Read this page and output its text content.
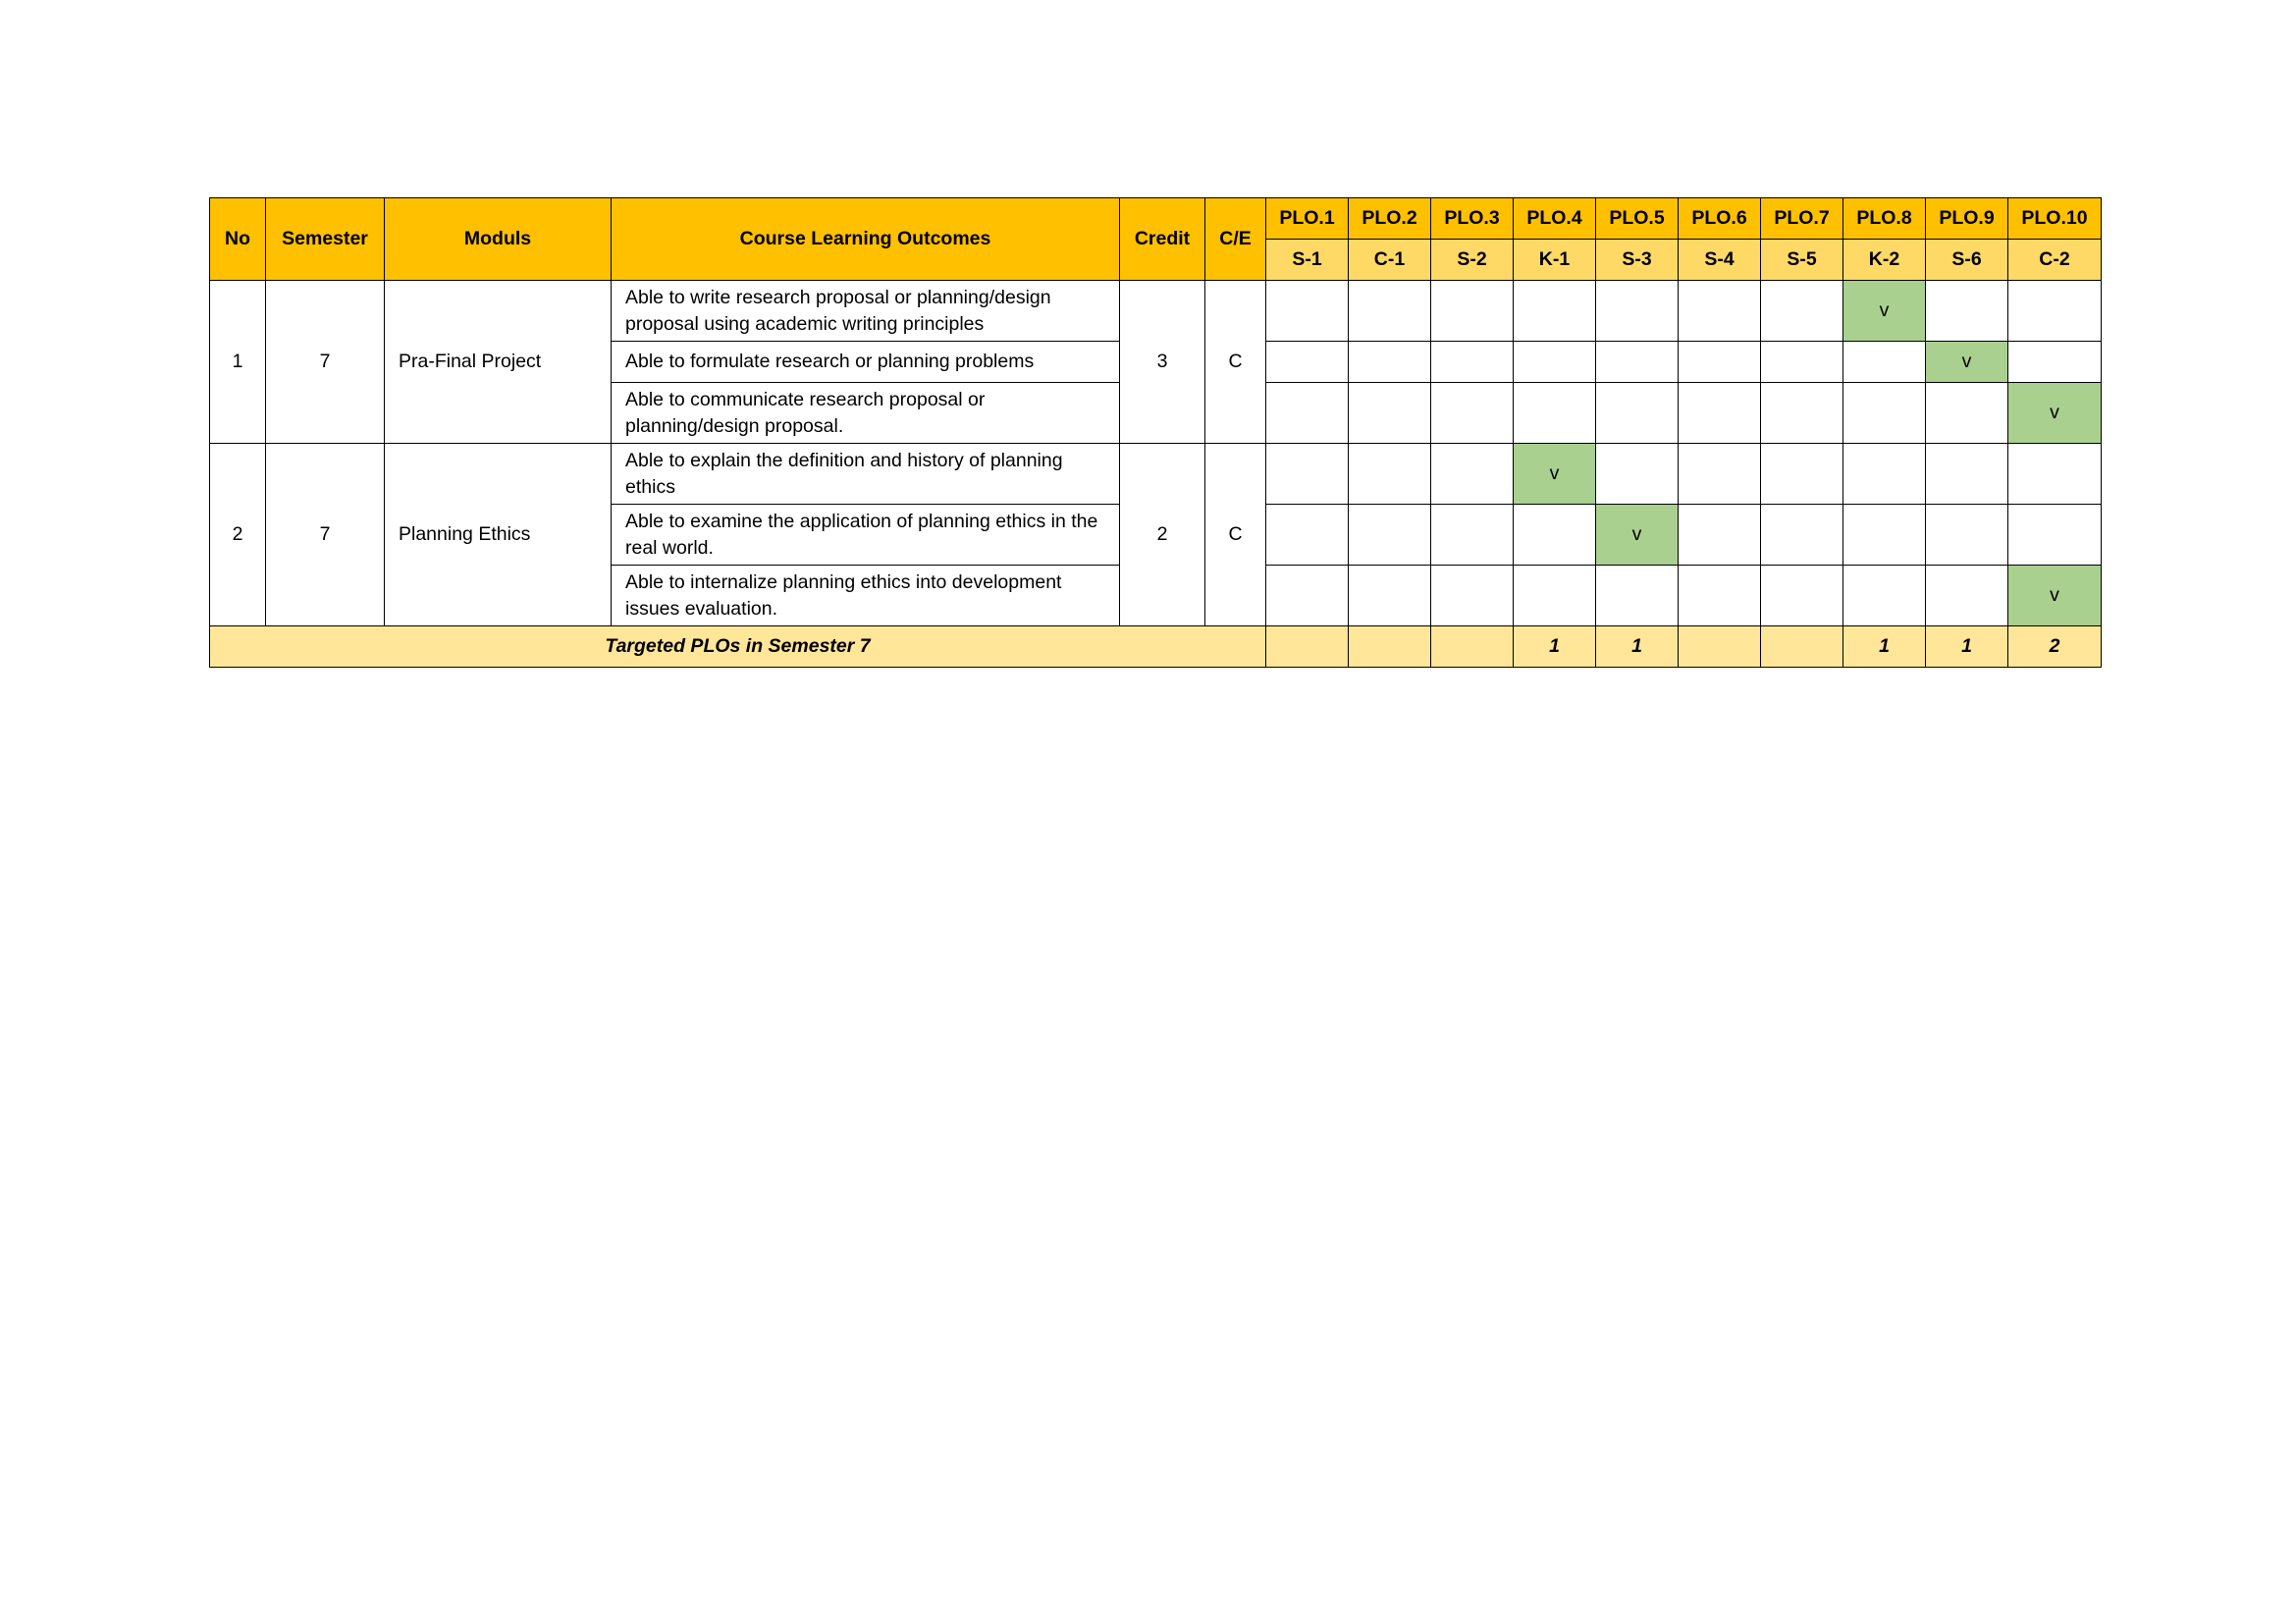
No	Semester	Moduls	Course Learning Outcomes	Credit	C/E	PLO.1	PLO.2	PLO.3	PLO.4	PLO.5	PLO.6	PLO.7	PLO.8	PLO.9	PLO.10
						S-1	C-1	S-2	K-1	S-3	S-4	S-5	K-2	S-6	C-2
1	7	Pra-Final Project	Able to write research proposal or planning/design proposal using academic writing principles	3	C								v		
			Able to formulate research or planning problems											v	
			Able to communicate research proposal or planning/design proposal.												v
2	7	Planning Ethics	Able to explain the definition and history of planning ethics	2	C				v						
			Able to examine the application of planning ethics in the real world.							v					
			Able to internalize planning ethics into development issues evaluation.												v
Targeted PLOs in Semester 7									1	1			1	1	2
